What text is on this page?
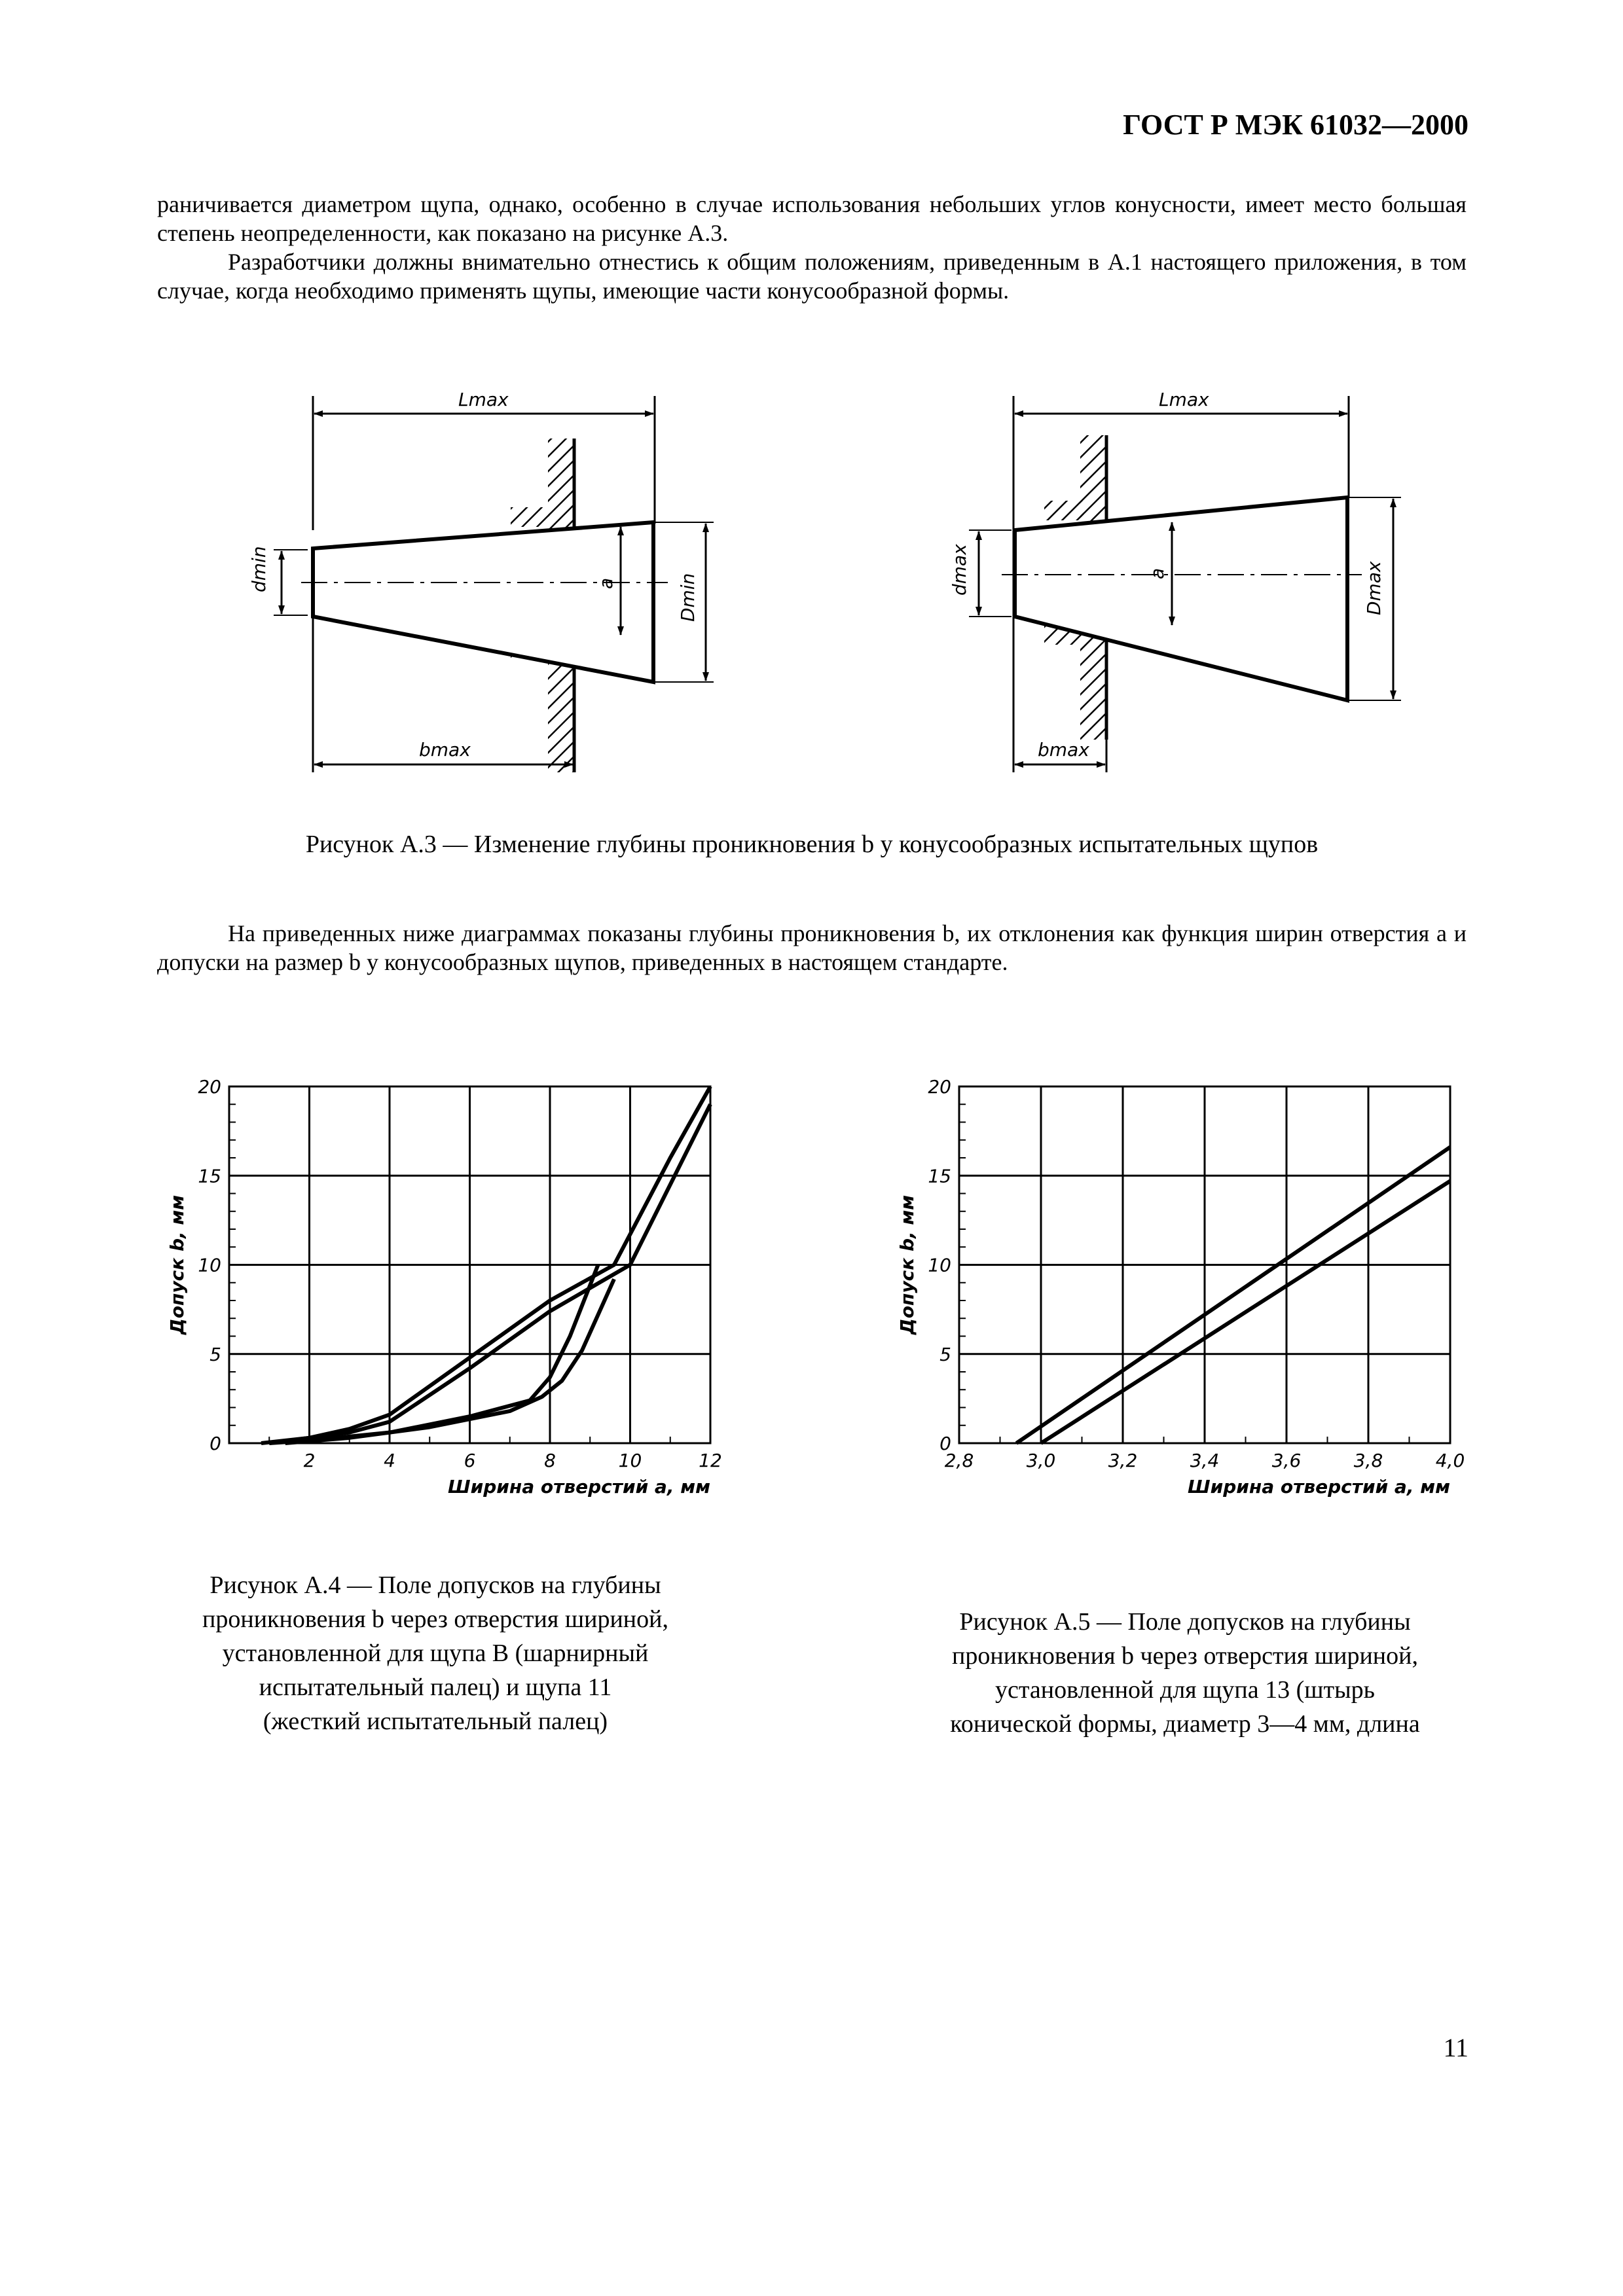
ГОСТ Р МЭК 61032—2000

раничивается диаметром щупа, однако, особенно в случае использования небольших углов конусности, имеет место большая степень неопределенности, как показано на рисунке А.3.

Разработчики должны внимательно отнестись к общим положениям, приведенным в А.1 настоящего приложения, в том случае, когда необходимо применять щупы, имеющие части конусообразной формы.

Lmax
dmin	a	Dmin
bmax
Lmax
dmax	a	Dmax
bmax
Рисунок А.3 — Изменение глубины проникновения b у конусообразных испытательных щупов

На приведенных ниже диаграммах показаны глубины проникновения b, их отклонения как функция ширин отверстия a и допуски на размер b у конусообразных щупов, приведенных в настоящем стандарте.

2	4	6	8	10	12
0
5
10
15
20
Ширина отверстий a, мм
Допуск b, мм
2,8	3,0	3,2	3,4	3,6	3,8	4,0
0
5
10
15
20
Ширина отверстий a, мм
Допуск b, мм
Рисунок А.4 — Поле допусков на глубины
проникновения b через отверстия шириной,
установленной для щупа B (шарнирный
испытательный палец) и щупа 11
(жесткий испытательный палец)
Рисунок А.5 — Поле допусков на глубины
проникновения b через отверстия шириной,
установленной для щупа 13 (штырь
конической формы, диаметр 3—4 мм, длина
11
